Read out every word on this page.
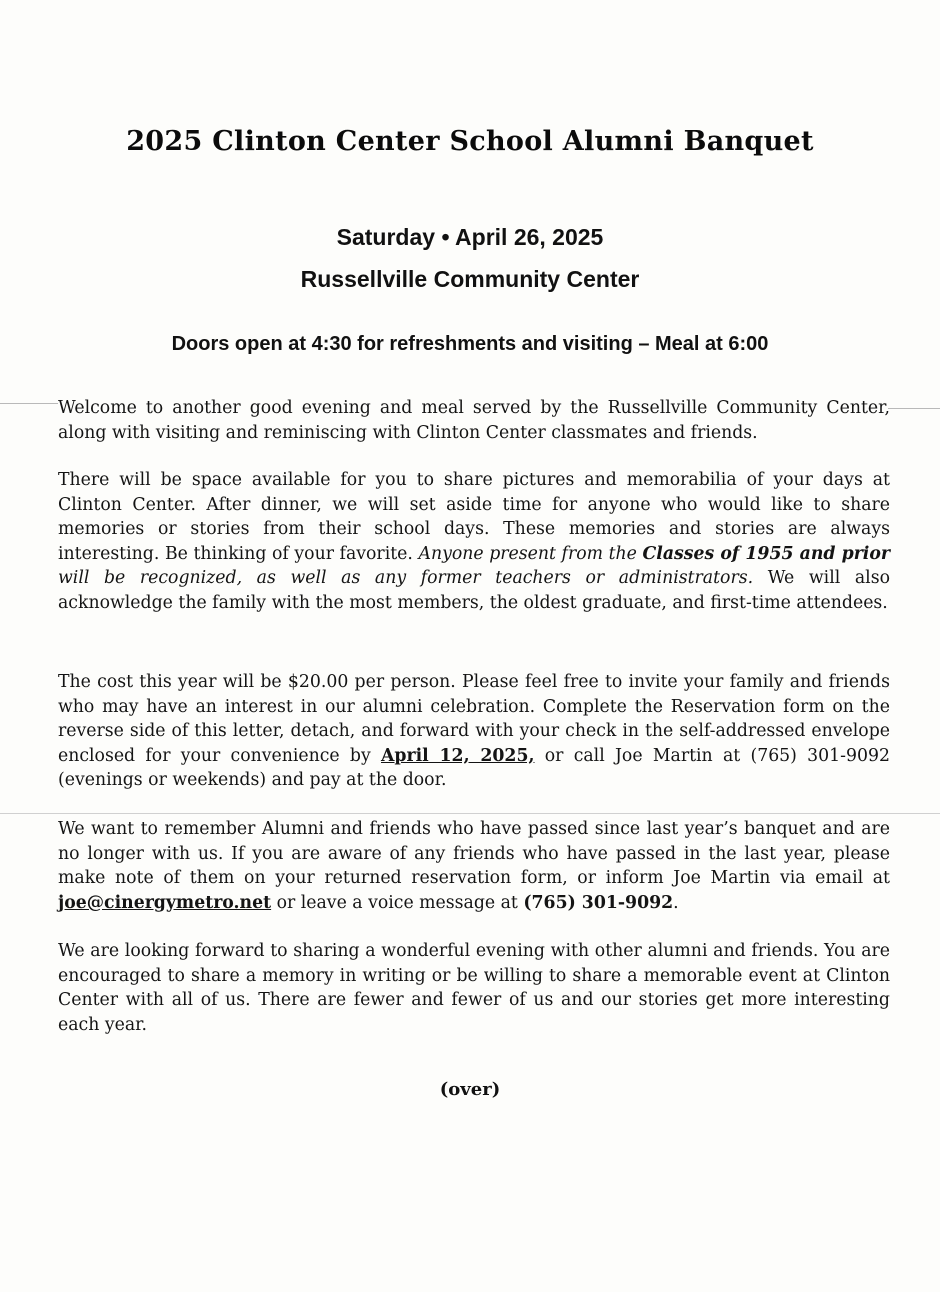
2025 Clinton Center School Alumni Banquet
Saturday • April 26, 2025
Russellville Community Center
Doors open at 4:30 for refreshments and visiting – Meal at 6:00

Welcome to another good evening and meal served by the Russellville Community Center, along with visiting and reminiscing with Clinton Center classmates and friends.

There will be space available for you to share pictures and memorabilia of your days at Clinton Center. After dinner, we will set aside time for anyone who would like to share memories or stories from their school days. These memories and stories are always interesting. Be thinking of your favorite. Anyone present from the Classes of 1955 and prior will be recognized, as well as any former teachers or administrators. We will also acknowledge the family with the most members, the oldest graduate, and first-time attendees.

The cost this year will be $20.00 per person. Please feel free to invite your family and friends who may have an interest in our alumni celebration. Complete the Reservation form on the reverse side of this letter, detach, and forward with your check in the self-addressed envelope enclosed for your convenience by April 12, 2025, or call Joe Martin at (765) 301-9092 (evenings or weekends) and pay at the door.

We want to remember Alumni and friends who have passed since last year’s banquet and are no longer with us. If you are aware of any friends who have passed in the last year, please make note of them on your returned reservation form, or inform Joe Martin via email at joe@cinergymetro.net or leave a voice message at (765) 301-9092.

We are looking forward to sharing a wonderful evening with other alumni and friends. You are encouraged to share a memory in writing or be willing to share a memorable event at Clinton Center with all of us. There are fewer and fewer of us and our stories get more interesting each year.

(over)
